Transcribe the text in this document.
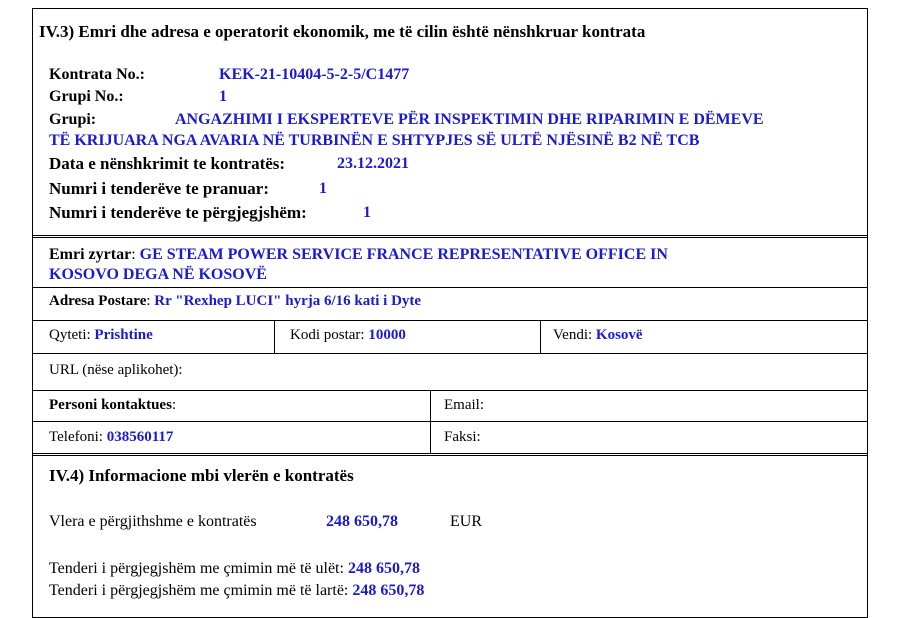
IV.3) Emri dhe adresa e operatorit ekonomik, me të cilin është nënshkruar kontrata
Kontrata No.:	KEK-21-10404-5-2-5/C1477
Grupi No.:	1
Grupi:	ANGAZHIMI I EKSPERTEVE PËR INSPEKTIMIN DHE RIPARIMIN E DËMEVE
TË KRIJUARA NGA AVARIA NË TURBINËN E SHTYPJES SË ULTË NJËSINË B2 NË TCB
Data e nënshkrimit te kontratës:	23.12.2021
Numri i tenderëve te pranuar:	1
Numri i tenderëve te përgjegjshëm:	1
Emri zyrtar: GE STEAM POWER SERVICE FRANCE REPRESENTATIVE OFFICE IN
KOSOVO DEGA NË KOSOVË
Adresa Postare: Rr "Rexhep LUCI" hyrja 6/16 kati i Dyte
Qyteti: Prishtine	Kodi postar: 10000	Vendi: Kosovë
URL (nëse aplikohet):
Personi kontaktues:	Email:
Telefoni: 038560117	Faksi:
IV.4) Informacione mbi vlerën e kontratës
Vlera e përgjithshme e kontratës	248 650,78	EUR
Tenderi i përgjegjshëm me çmimin më të ulët: 248 650,78
Tenderi i përgjegjshëm me çmimin më të lartë: 248 650,78
